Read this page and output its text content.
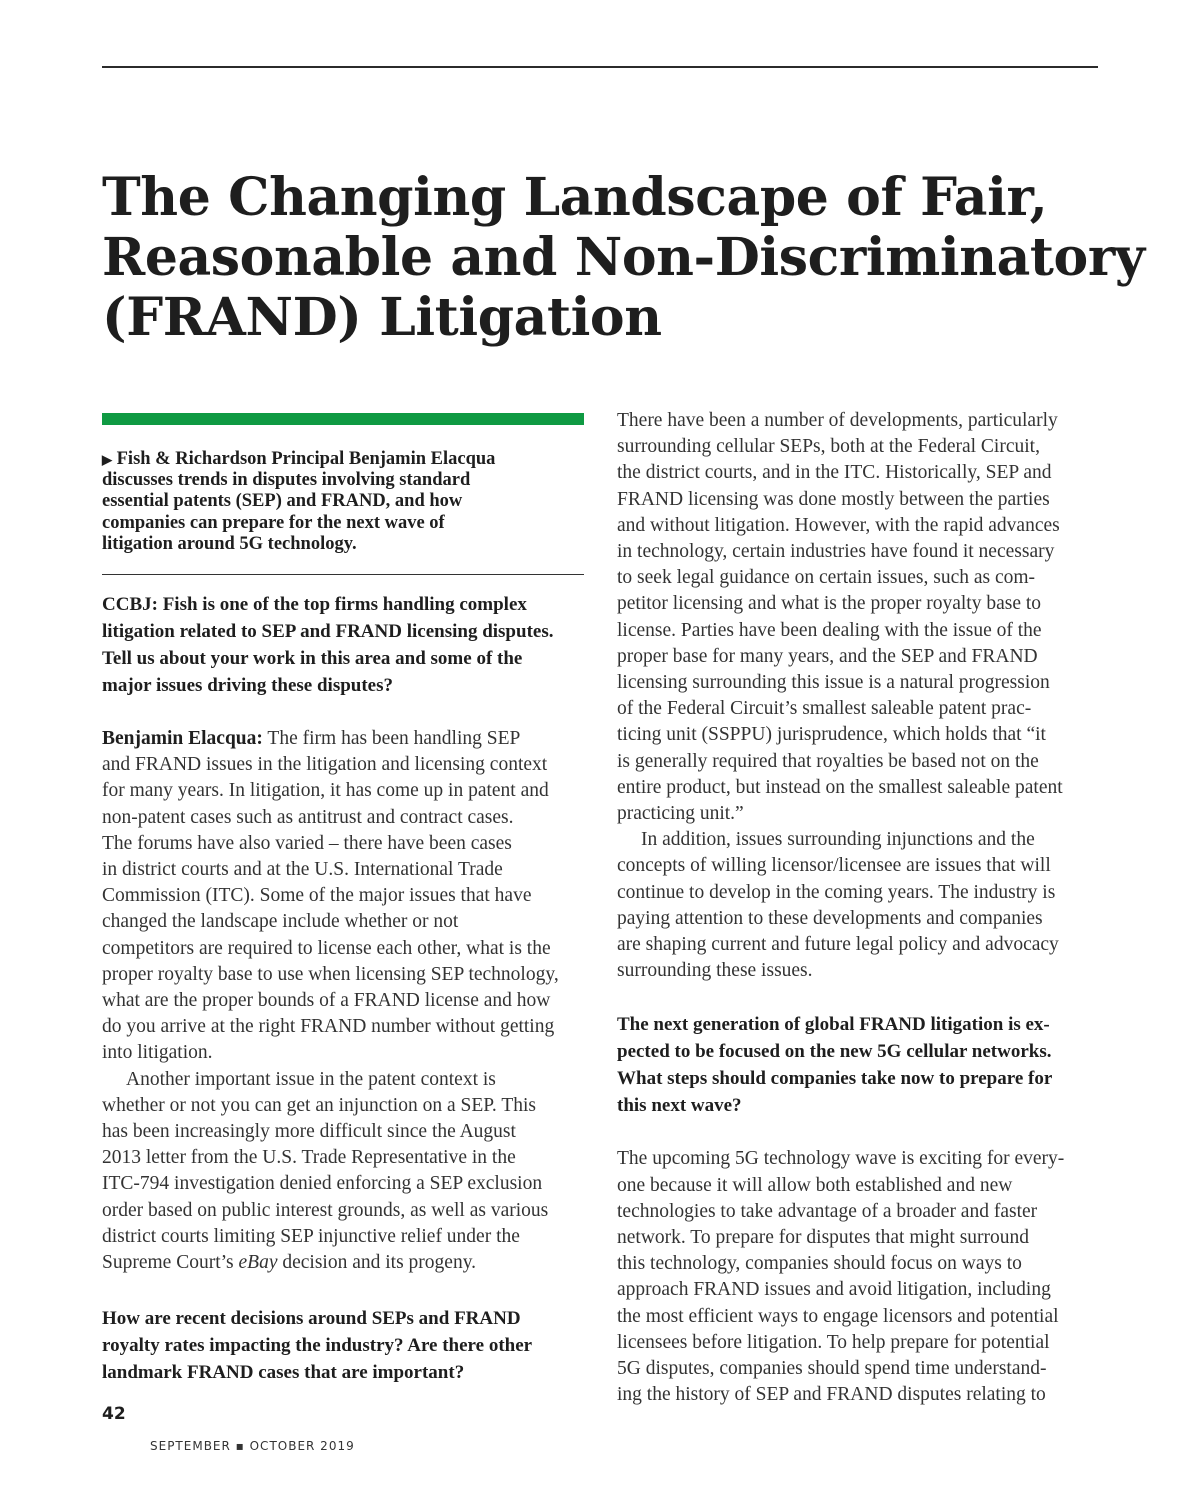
The Changing Landscape of Fair,
Reasonable and Non-Discriminatory
(FRAND) Litigation

▶ Fish & Richardson Principal Benjamin Elacqua
discusses trends in disputes involving standard
essential patents (SEP) and FRAND, and how
companies can prepare for the next wave of
litigation around 5G technology.

CCBJ: Fish is one of the top firms handling complex
litigation related to SEP and FRAND licensing disputes.
Tell us about your work in this area and some of the
major issues driving these disputes?

Benjamin Elacqua: The firm has been handling SEP
and FRAND issues in the litigation and licensing context
for many years. In litigation, it has come up in patent and
non-patent cases such as antitrust and contract cases.
The forums have also varied – there have been cases
in district courts and at the U.S. International Trade
Commission (ITC). Some of the major issues that have
changed the landscape include whether or not
competitors are required to license each other, what is the
proper royalty base to use when licensing SEP technology,
what are the proper bounds of a FRAND license and how
do you arrive at the right FRAND number without getting
into litigation.

Another important issue in the patent context is
whether or not you can get an injunction on a SEP. This
has been increasingly more difficult since the August
2013 letter from the U.S. Trade Representative in the
ITC-794 investigation denied enforcing a SEP exclusion
order based on public interest grounds, as well as various
district courts limiting SEP injunctive relief under the
Supreme Court’s eBay decision and its progeny.

How are recent decisions around SEPs and FRAND
royalty rates impacting the industry? Are there other
landmark FRAND cases that are important?

There have been a number of developments, particularly
surrounding cellular SEPs, both at the Federal Circuit,
the district courts, and in the ITC. Historically, SEP and
FRAND licensing was done mostly between the parties
and without litigation. However, with the rapid advances
in technology, certain industries have found it necessary
to seek legal guidance on certain issues, such as com-
petitor licensing and what is the proper royalty base to
license. Parties have been dealing with the issue of the
proper base for many years, and the SEP and FRAND
licensing surrounding this issue is a natural progression
of the Federal Circuit’s smallest saleable patent prac-
ticing unit (SSPPU) jurisprudence, which holds that “it
is generally required that royalties be based not on the
entire product, but instead on the smallest saleable patent
practicing unit.”

In addition, issues surrounding injunctions and the
concepts of willing licensor/licensee are issues that will
continue to develop in the coming years. The industry is
paying attention to these developments and companies
are shaping current and future legal policy and advocacy
surrounding these issues.

The next generation of global FRAND litigation is ex-
pected to be focused on the new 5G cellular networks.
What steps should companies take now to prepare for
this next wave?

The upcoming 5G technology wave is exciting for every-
one because it will allow both established and new
technologies to take advantage of a broader and faster
network. To prepare for disputes that might surround
this technology, companies should focus on ways to
approach FRAND issues and avoid litigation, including
the most efficient ways to engage licensors and potential
licensees before litigation. To help prepare for potential
5G disputes, companies should spend time understand-
ing the history of SEP and FRAND disputes relating to

42
SEPTEMBER ▪ OCTOBER 2019
